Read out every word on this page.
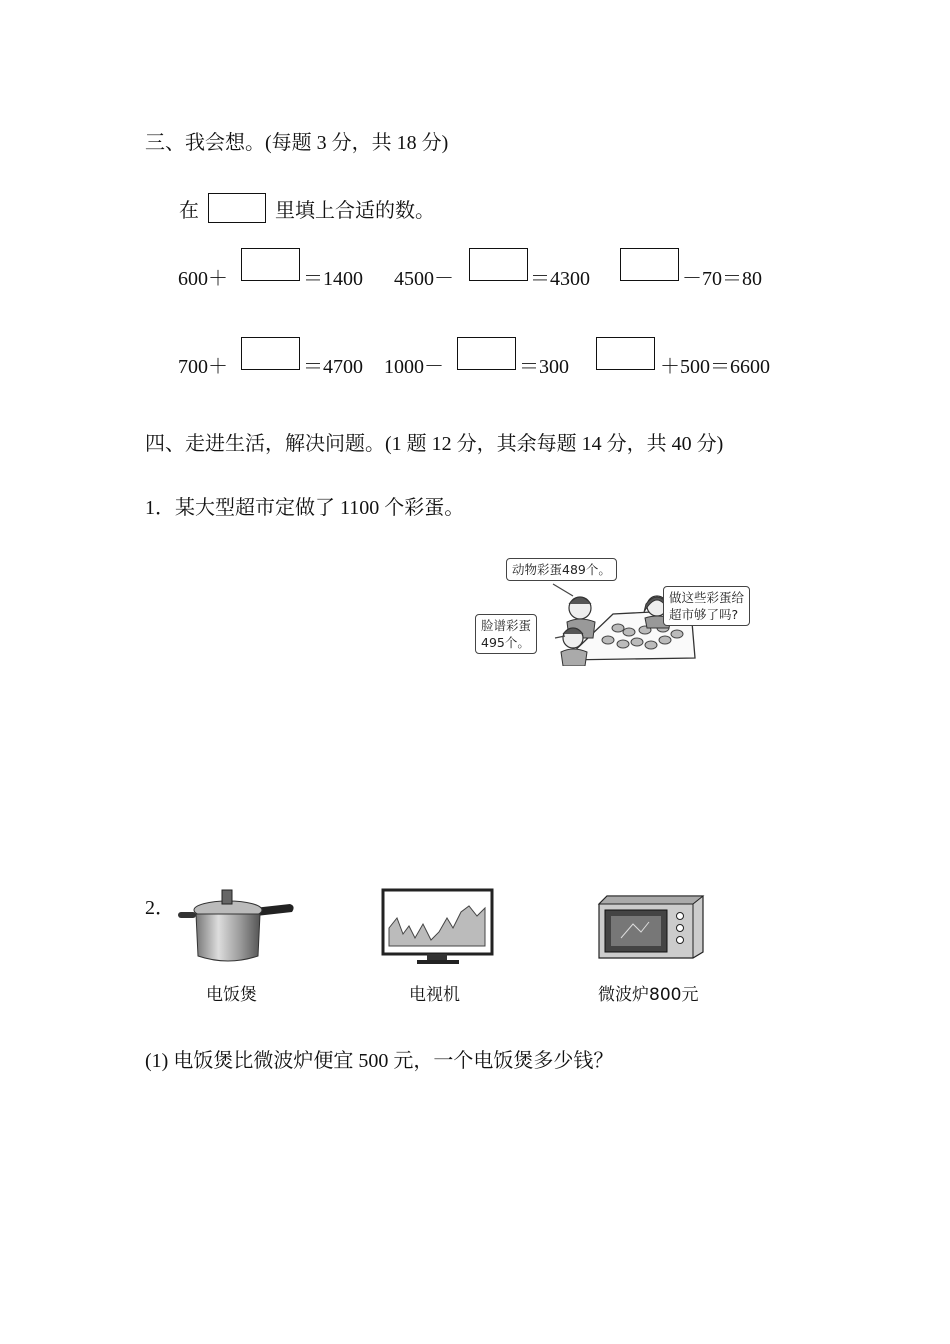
三、我会想。(每题 3 分，共 18 分)
在	里填上合适的数。
600＋	＝1400 4500－	＝4300	－70＝80
700＋	＝4700 1000－	＝300	＋500＝6600
四、走进生活，解决问题。(1 题 12 分，其余每题 14 分，共 40 分)
1．某大型超市定做了 1100 个彩蛋。
动物彩蛋489个。
脸谱彩蛋
495个。
做这些彩蛋给
超市够了吗?
2．
电饭煲	电视机	微波炉800元
(1) 电饭煲比微波炉便宜 500 元，一个电饭煲多少钱？
